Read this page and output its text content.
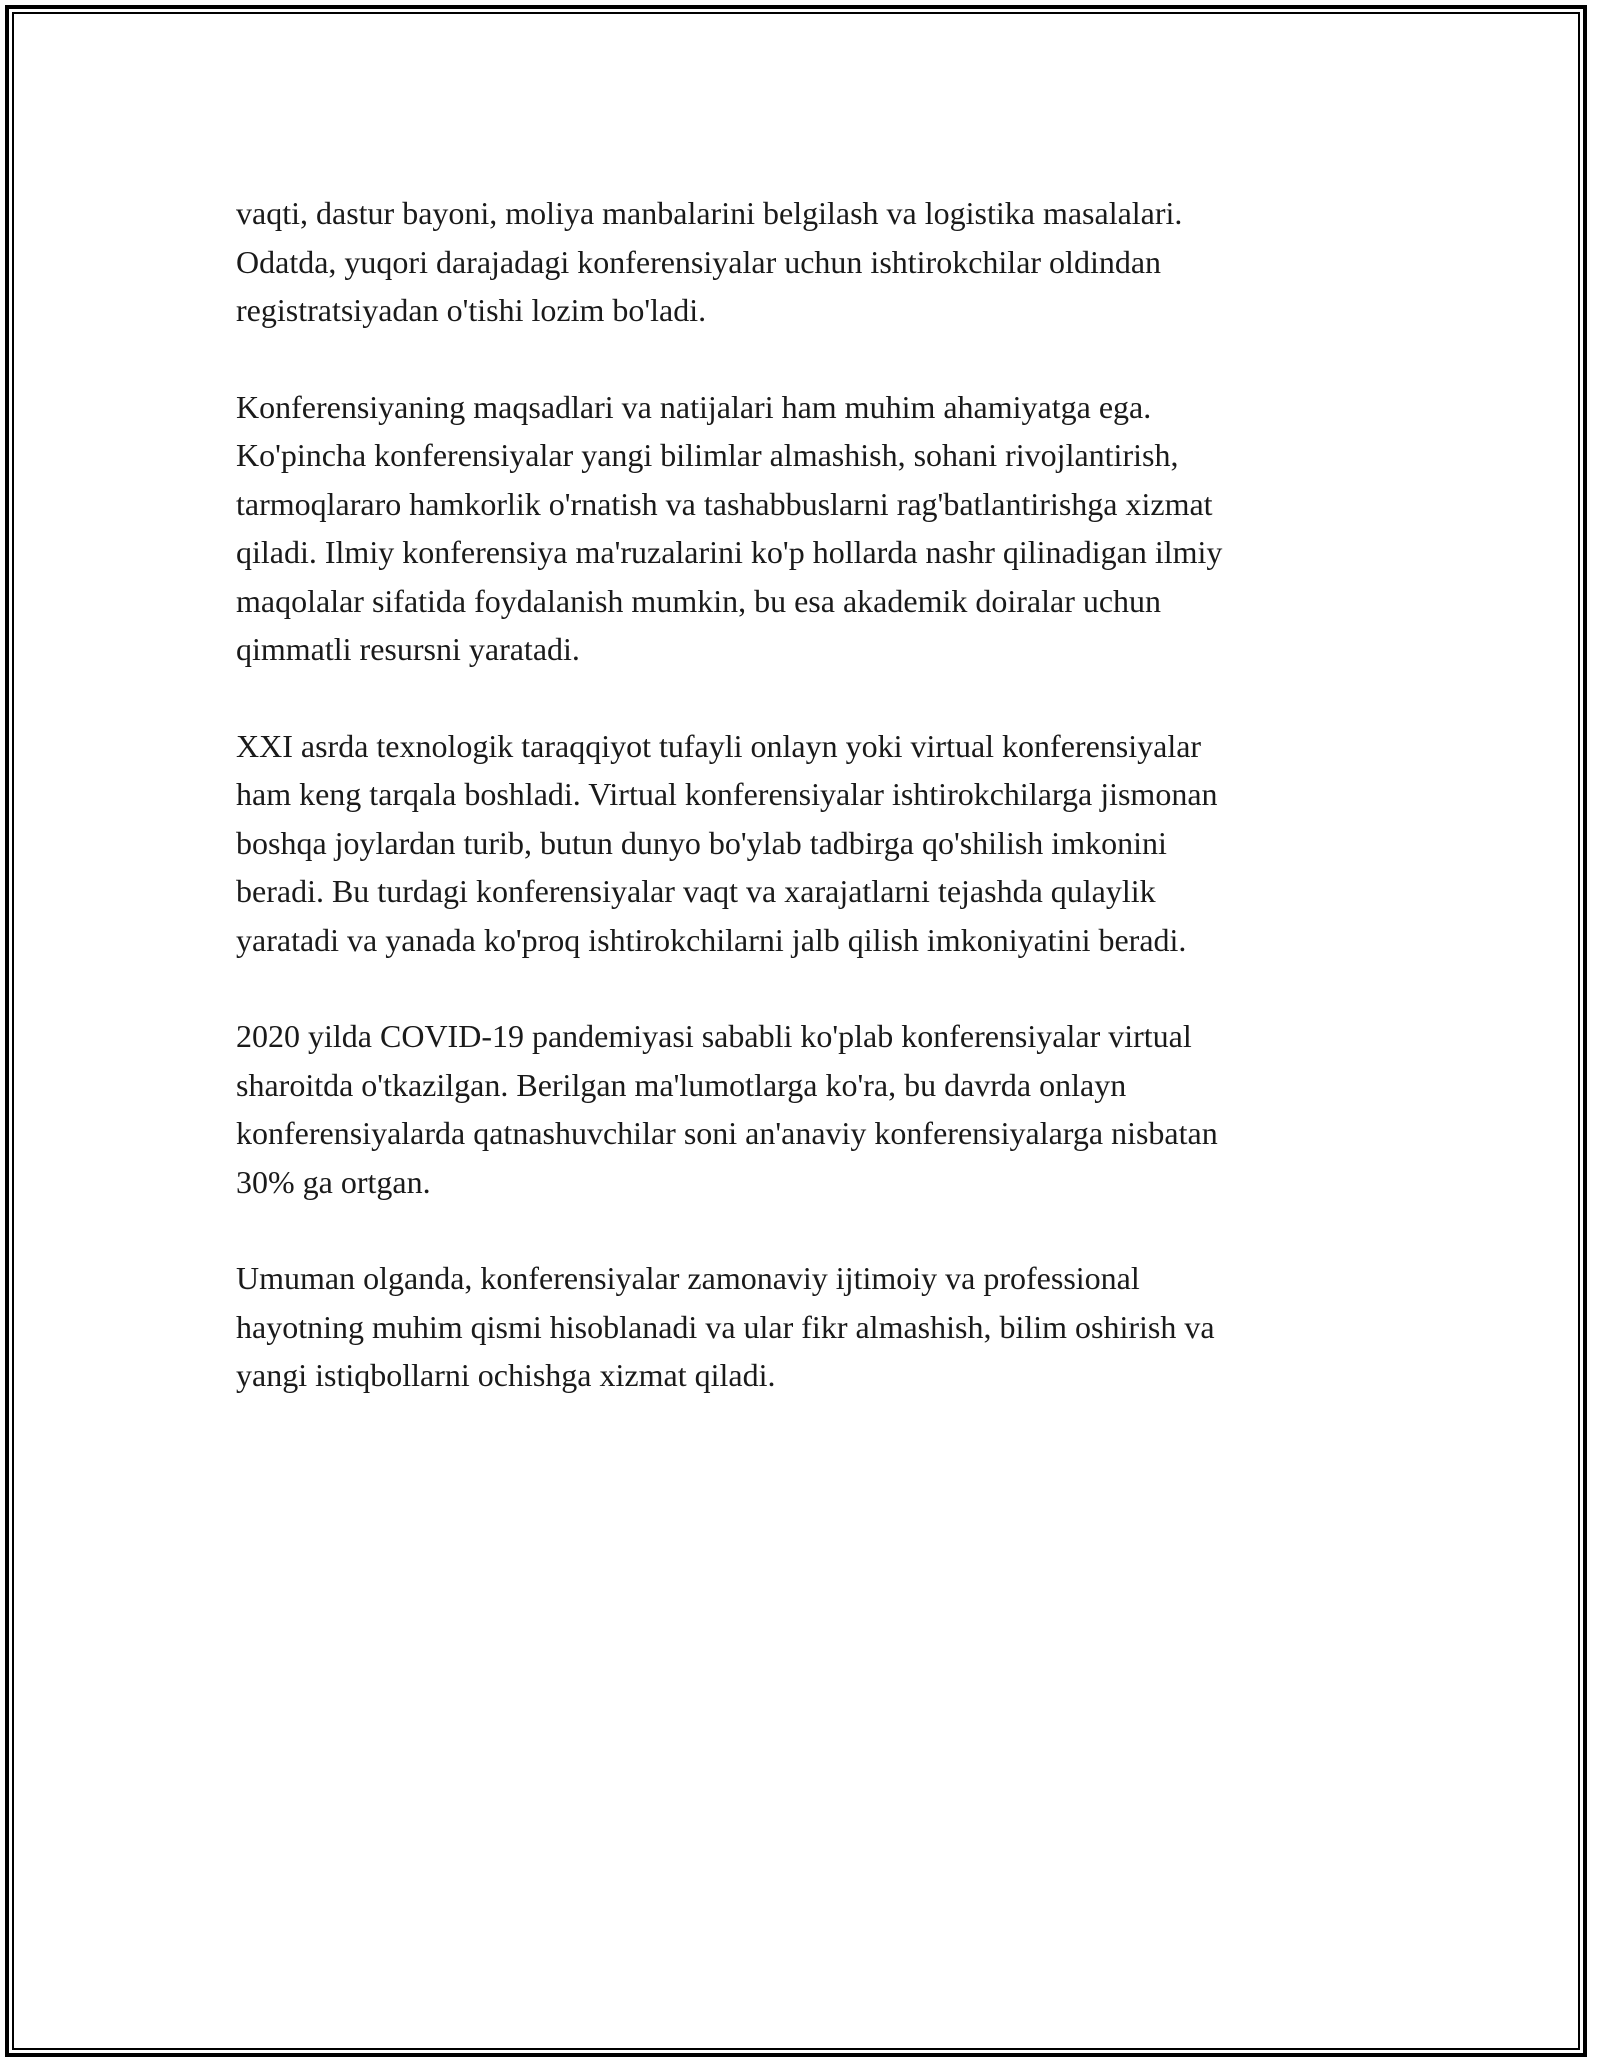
vaqti, dastur bayoni, moliya manbalarini belgilash va logistika masalalari.
Odatda, yuqori darajadagi konferensiyalar uchun ishtirokchilar oldindan
registratsiyadan o'tishi lozim bo'ladi.

Konferensiyaning maqsadlari va natijalari ham muhim ahamiyatga ega.
Ko'pincha konferensiyalar yangi bilimlar almashish, sohani rivojlantirish,
tarmoqlararo hamkorlik o'rnatish va tashabbuslarni rag'batlantirishga xizmat
qiladi. Ilmiy konferensiya ma'ruzalarini ko'p hollarda nashr qilinadigan ilmiy
maqolalar sifatida foydalanish mumkin, bu esa akademik doiralar uchun
qimmatli resursni yaratadi.

XXI asrda texnologik taraqqiyot tufayli onlayn yoki virtual konferensiyalar
ham keng tarqala boshladi. Virtual konferensiyalar ishtirokchilarga jismonan
boshqa joylardan turib, butun dunyo bo'ylab tadbirga qo'shilish imkonini
beradi. Bu turdagi konferensiyalar vaqt va xarajatlarni tejashda qulaylik
yaratadi va yanada ko'proq ishtirokchilarni jalb qilish imkoniyatini beradi.

2020 yilda COVID-19 pandemiyasi sababli ko'plab konferensiyalar virtual
sharoitda o'tkazilgan. Berilgan ma'lumotlarga ko'ra, bu davrda onlayn
konferensiyalarda qatnashuvchilar soni an'anaviy konferensiyalarga nisbatan
30% ga ortgan.

Umuman olganda, konferensiyalar zamonaviy ijtimoiy va professional
hayotning muhim qismi hisoblanadi va ular fikr almashish, bilim oshirish va
yangi istiqbollarni ochishga xizmat qiladi.
